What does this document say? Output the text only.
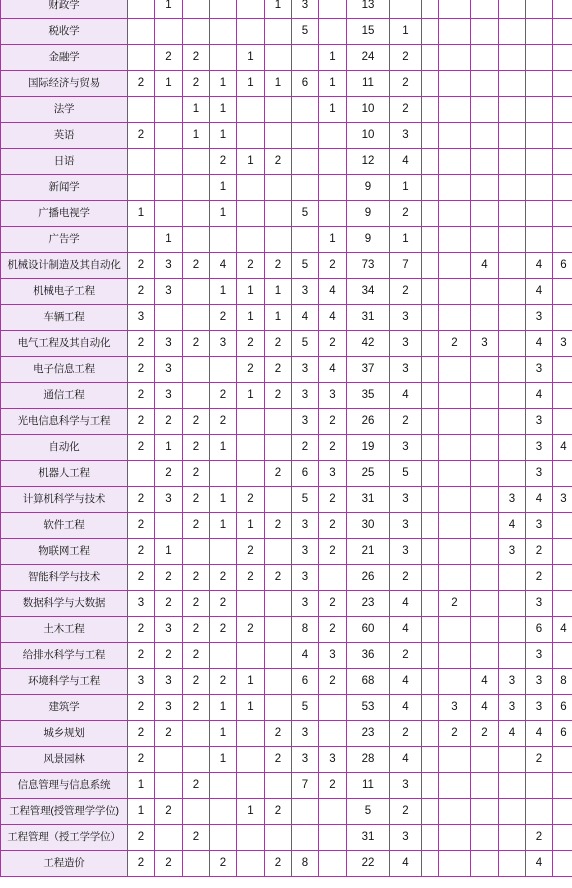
财政学		1				1	3		13							
税收学							5		15	1						
金融学		2	2		1			1	24	2						
国际经济与贸易	2	1	2	1	1	1	6	1	11	2						
法学			1	1				1	10	2						
英语	2		1	1					10	3						
日语				2	1	2			12	4						
新闻学				1					9	1						
广播电视学	1			1			5		9	2						
广告学		1						1	9	1						
机械设计制造及其自动化	2	3	2	4	2	2	5	2	73	7			4		4	6
机械电子工程	2	3		1	1	1	3	4	34	2					4	
车辆工程	3			2	1	1	4	4	31	3					3	
电气工程及其自动化	2	3	2	3	2	2	5	2	42	3		2	3		4	3
电子信息工程	2	3			2	2	3	4	37	3					3	
通信工程	2	3		2	1	2	3	3	35	4					4	
光电信息科学与工程	2	2	2	2			3	2	26	2					3	
自动化	2	1	2	1			2	2	19	3					3	4
机器人工程		2	2			2	6	3	25	5					3	
计算机科学与技术	2	3	2	1	2		5	2	31	3				3	4	3
软件工程	2		2	1	1	2	3	2	30	3				4	3	
物联网工程	2	1			2		3	2	21	3				3	2	
智能科学与技术	2	2	2	2	2	2	3		26	2					2	
数据科学与大数据	3	2	2	2			3	2	23	4		2			3	
土木工程	2	3	2	2	2		8	2	60	4					6	4
给排水科学与工程	2	2	2				4	3	36	2					3	
环境科学与工程	3	3	2	2	1		6	2	68	4			4	3	3	8
建筑学	2	3	2	1	1		5		53	4		3	4	3	3	6
城乡规划	2	2		1		2	3		23	2		2	2	4	4	6
风景园林	2			1		2	3	3	28	4					2	
信息管理与信息系统	1		2				7	2	11	3						
工程管理(授管理学学位)	1	2			1	2			5	2						
工程管理（授工学学位）	2		2						31	3					2	
工程造价	2	2		2		2	8		22	4					4	
